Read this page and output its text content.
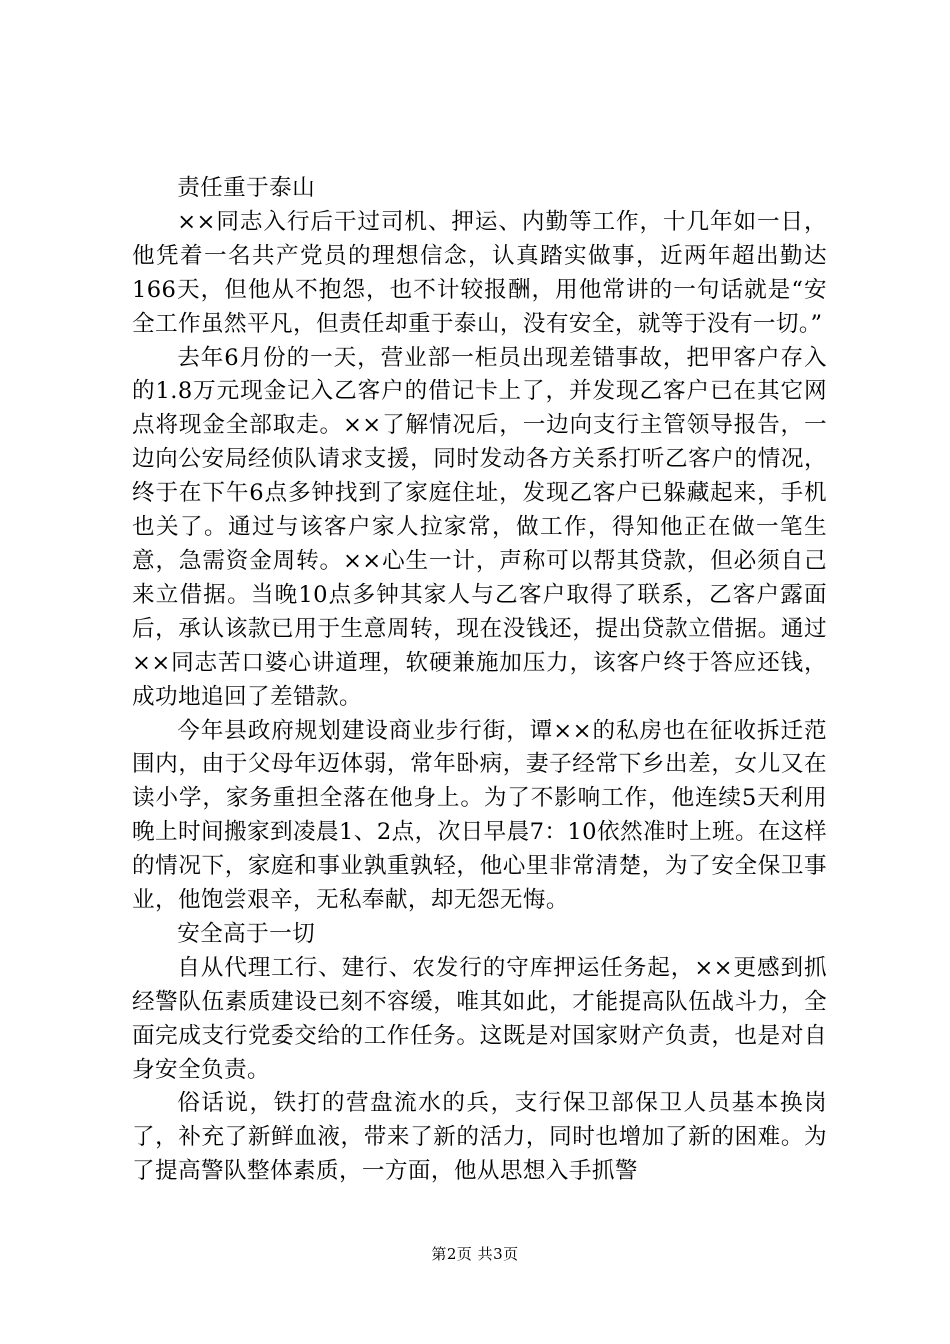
责任重于泰山

××同志入行后干过司机、押运、内勤等工作，十几年如一日，他凭着一名共产党员的理想信念，认真踏实做事，近两年超出勤达166天，但他从不抱怨，也不计较报酬，用他常讲的一句话就是“安全工作虽然平凡，但责任却重于泰山，没有安全，就等于没有一切。”

去年6月份的一天，营业部一柜员出现差错事故，把甲客户存入的1.8万元现金记入乙客户的借记卡上了，并发现乙客户已在其它网点将现金全部取走。××了解情况后，一边向支行主管领导报告，一边向公安局经侦队请求支援，同时发动各方关系打听乙客户的情况，终于在下午6点多钟找到了家庭住址，发现乙客户已躲藏起来，手机也关了。通过与该客户家人拉家常，做工作，得知他正在做一笔生意，急需资金周转。××心生一计，声称可以帮其贷款，但必须自己来立借据。当晚10点多钟其家人与乙客户取得了联系，乙客户露面后，承认该款已用于生意周转，现在没钱还，提出贷款立借据。通过××同志苦口婆心讲道理，软硬兼施加压力，该客户终于答应还钱，成功地追回了差错款。

今年县政府规划建设商业步行街，谭××的私房也在征收拆迁范围内，由于父母年迈体弱，常年卧病，妻子经常下乡出差，女儿又在读小学，家务重担全落在他身上。为了不影响工作，他连续5天利用晚上时间搬家到凌晨1、2点，次日早晨7：10依然准时上班。在这样的情况下，家庭和事业孰重孰轻，他心里非常清楚，为了安全保卫事业，他饱尝艰辛，无私奉献，却无怨无悔。

安全高于一切

自从代理工行、建行、农发行的守库押运任务起，××更感到抓经警队伍素质建设已刻不容缓，唯其如此，才能提高队伍战斗力，全面完成支行党委交给的工作任务。这既是对国家财产负责，也是对自身安全负责。

俗话说，铁打的营盘流水的兵，支行保卫部保卫人员基本换岗了，补充了新鲜血液，带来了新的活力，同时也增加了新的困难。为了提高警队整体素质，一方面，他从思想入手抓警

第2页 共3页
